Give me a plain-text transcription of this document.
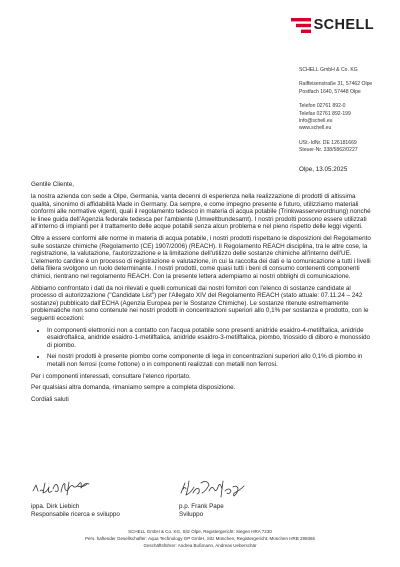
SCHELL
SCHELL GmbH & Co. KG
Raiffeisenstraße 31, 57462 Olpe
Postfach 1640, 57448 Olpe
Telefon 02761 892-0
Telefax 02761 892-199
info@schell.eu
www.schell.eu
USt.-IdNr. DE 126181669
Steuer-Nr. 338/5862/0227
Olpe, 13.05.2025

Gentile Cliente,

la nostra azienda con sede a Olpe, Germania, vanta decenni di esperienza nella realizzazione di prodotti di altissima qualità, sinonimo di affidabilità Made in Germany. Da sempre, e come impegno presente e futuro, utilizziamo materiali conformi alle normative vigenti, quali il regolamento tedesco in materia di acqua potabile (Trinkwasserverordnung) nonché le linee guida dell'Agenzia federale tedesca per l'ambiente (Umweltbundesamt). I nostri prodotti possono essere utilizzati all'interno di impianti per il trattamento delle acque potabili senza alcun problema e nel pieno rispetto delle leggi vigenti.

Oltre a essere conformi alle norme in materia di acqua potabile, i nostri prodotti rispettano le disposizioni del Regolamento sulle sostanze chimiche (Regolamento (CE) 1907/2006) (REACH). Il Regolamento REACH disciplina, tra le altre cose, la registrazione, la valutazione, l'autorizzazione e la limitazione dell'utilizzo delle sostanze chimiche all'interno dell'UE. L'elemento cardine è un processo di registrazione e valutazione, in cui la raccolta dei dati e la comunicazione a tutti i livelli della filiera svolgono un ruolo determinante. I nostri prodotti, come quasi tutti i beni di consumo contenenti componenti chimici, rientrano nel regolamento REACH. Con la presente lettera adempiamo ai nostri obblighi di comunicazione.

Abbiamo confrontato i dati da noi rilevati e quelli comunicati dai nostri fornitori con l'elenco di sostanze candidate al processo di autorizzazione ("Candidate List") per l'Allegato XIV del Regolamento REACH (stato attuale: 07.11.24 – 242 sostanze) pubblicato dall'ECHA (Agenzia Europea per le Sostanze Chimiche). Le sostanze ritenute estremamente problematiche non sono contenute nei nostri prodotti in concentrazioni superiori allo 0,1% per sostanza e prodotto, con le seguenti eccezioni:

• In componenti elettronici non a contatto con l'acqua potabile sono presenti anidride esaidro-4-metilftalica, anidride esaidroftalica, anidride esaidro-1-metilftalica, anidride esaidro-3-metilftalica, piombo, triossido di diboro e monossido di piombo.
• Nei nostri prodotti è presente piombo come componente di lega in concentrazioni superiori allo 0,1% di piombo in metalli non ferrosi (come l'ottone) o in componenti realizzati con metalli non ferrosi.

Per i componenti interessati, consultare l'elenco riportato.

Per qualsiasi altra domanda, rimaniamo sempre a completa disposizione.

Cordiali saluti

ippa. Dirk Liebich
Responsabile ricerca e sviluppo
p.p. Frank Pape
Sviluppo
SCHELL GmbH & Co. KG, Sitz Olpe, Registergericht: Siegen HRA 7230
Pers. haftender Gesellschafter: Aqua Technology GP GmbH, Sitz München, Registergericht: München HRB 299366
Geschäftsführer: Andrea Bußmann, Andreas Ueberschär
